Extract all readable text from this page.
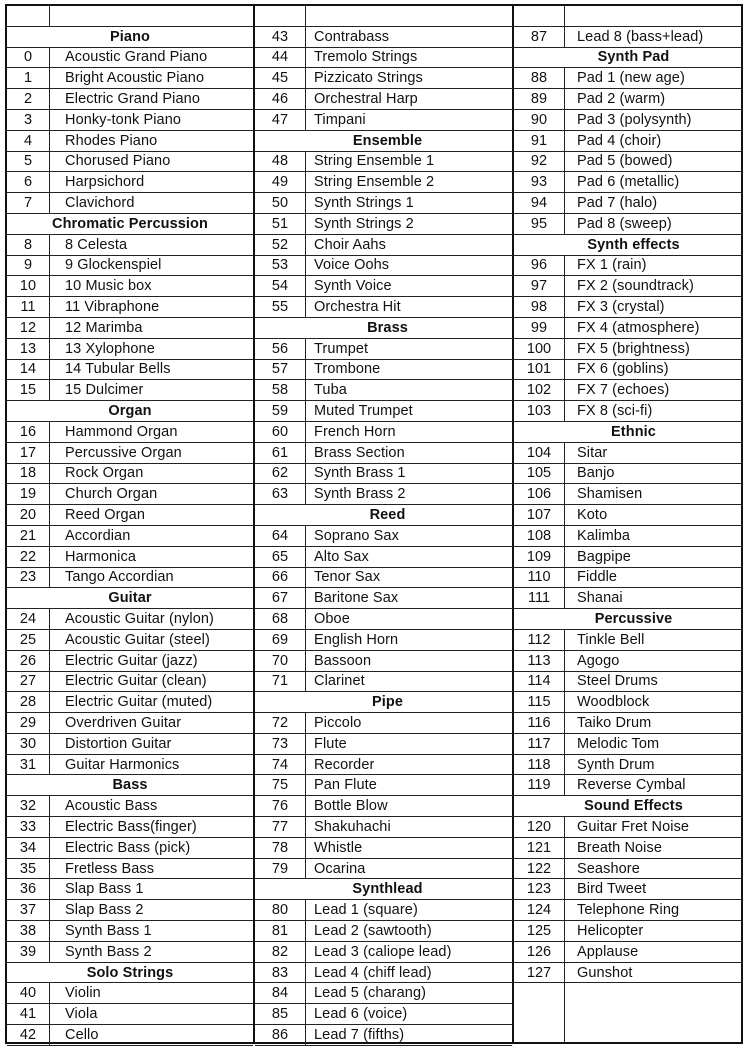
Piano
0	Acoustic Grand Piano
1	Bright Acoustic Piano
2	Electric Grand Piano
3	Honky-tonk Piano
4	Rhodes Piano
5	Chorused Piano
6	Harpsichord
7	Clavichord
Chromatic Percussion
8	8 Celesta
9	9 Glockenspiel
10	10 Music box
11	11 Vibraphone
12	12 Marimba
13	13 Xylophone
14	14 Tubular Bells
15	15 Dulcimer
Organ
16	Hammond Organ
17	Percussive Organ
18	Rock Organ
19	Church Organ
20	Reed Organ
21	Accordian
22	Harmonica
23	Tango Accordian
Guitar
24	Acoustic Guitar (nylon)
25	Acoustic Guitar (steel)
26	Electric Guitar (jazz)
27	Electric Guitar (clean)
28	Electric Guitar (muted)
29	Overdriven Guitar
30	Distortion Guitar
31	Guitar Harmonics
Bass
32	Acoustic Bass
33	Electric Bass(finger)
34	Electric Bass (pick)
35	Fretless Bass
36	Slap Bass 1
37	Slap Bass 2
38	Synth Bass 1
39	Synth Bass 2
Solo Strings
40	Violin
41	Viola
42	Cello
43	Contrabass
44	Tremolo Strings
45	Pizzicato Strings
46	Orchestral Harp
47	Timpani
Ensemble
48	String Ensemble 1
49	String Ensemble 2
50	Synth Strings 1
51	Synth Strings 2
52	Choir Aahs
53	Voice Oohs
54	Synth Voice
55	Orchestra Hit
Brass
56	Trumpet
57	Trombone
58	Tuba
59	Muted Trumpet
60	French Horn
61	Brass Section
62	Synth Brass 1
63	Synth Brass 2
Reed
64	Soprano Sax
65	Alto Sax
66	Tenor Sax
67	Baritone Sax
68	Oboe
69	English Horn
70	Bassoon
71	Clarinet
Pipe
72	Piccolo
73	Flute
74	Recorder
75	Pan Flute
76	Bottle Blow
77	Shakuhachi
78	Whistle
79	Ocarina
Synthlead
80	Lead 1 (square)
81	Lead 2 (sawtooth)
82	Lead 3 (caliope lead)
83	Lead 4 (chiff lead)
84	Lead 5 (charang)
85	Lead 6 (voice)
86	Lead 7 (fifths)
87	Lead 8 (bass+lead)
Synth Pad
88	Pad 1 (new age)
89	Pad 2 (warm)
90	Pad 3 (polysynth)
91	Pad 4 (choir)
92	Pad 5 (bowed)
93	Pad 6 (metallic)
94	Pad 7 (halo)
95	Pad 8 (sweep)
Synth effects
96	FX 1 (rain)
97	FX 2 (soundtrack)
98	FX 3 (crystal)
99	FX 4 (atmosphere)
100	FX 5 (brightness)
101	FX 6 (goblins)
102	FX 7 (echoes)
103	FX 8 (sci-fi)
Ethnic
104	Sitar
105	Banjo
106	Shamisen
107	Koto
108	Kalimba
109	Bagpipe
110	Fiddle
111	Shanai
Percussive
112	Tinkle Bell
113	Agogo
114	Steel Drums
115	Woodblock
116	Taiko Drum
117	Melodic Tom
118	Synth Drum
119	Reverse Cymbal
Sound Effects
120	Guitar Fret Noise
121	Breath Noise
122	Seashore
123	Bird Tweet
124	Telephone Ring
125	Helicopter
126	Applause
127	Gunshot
